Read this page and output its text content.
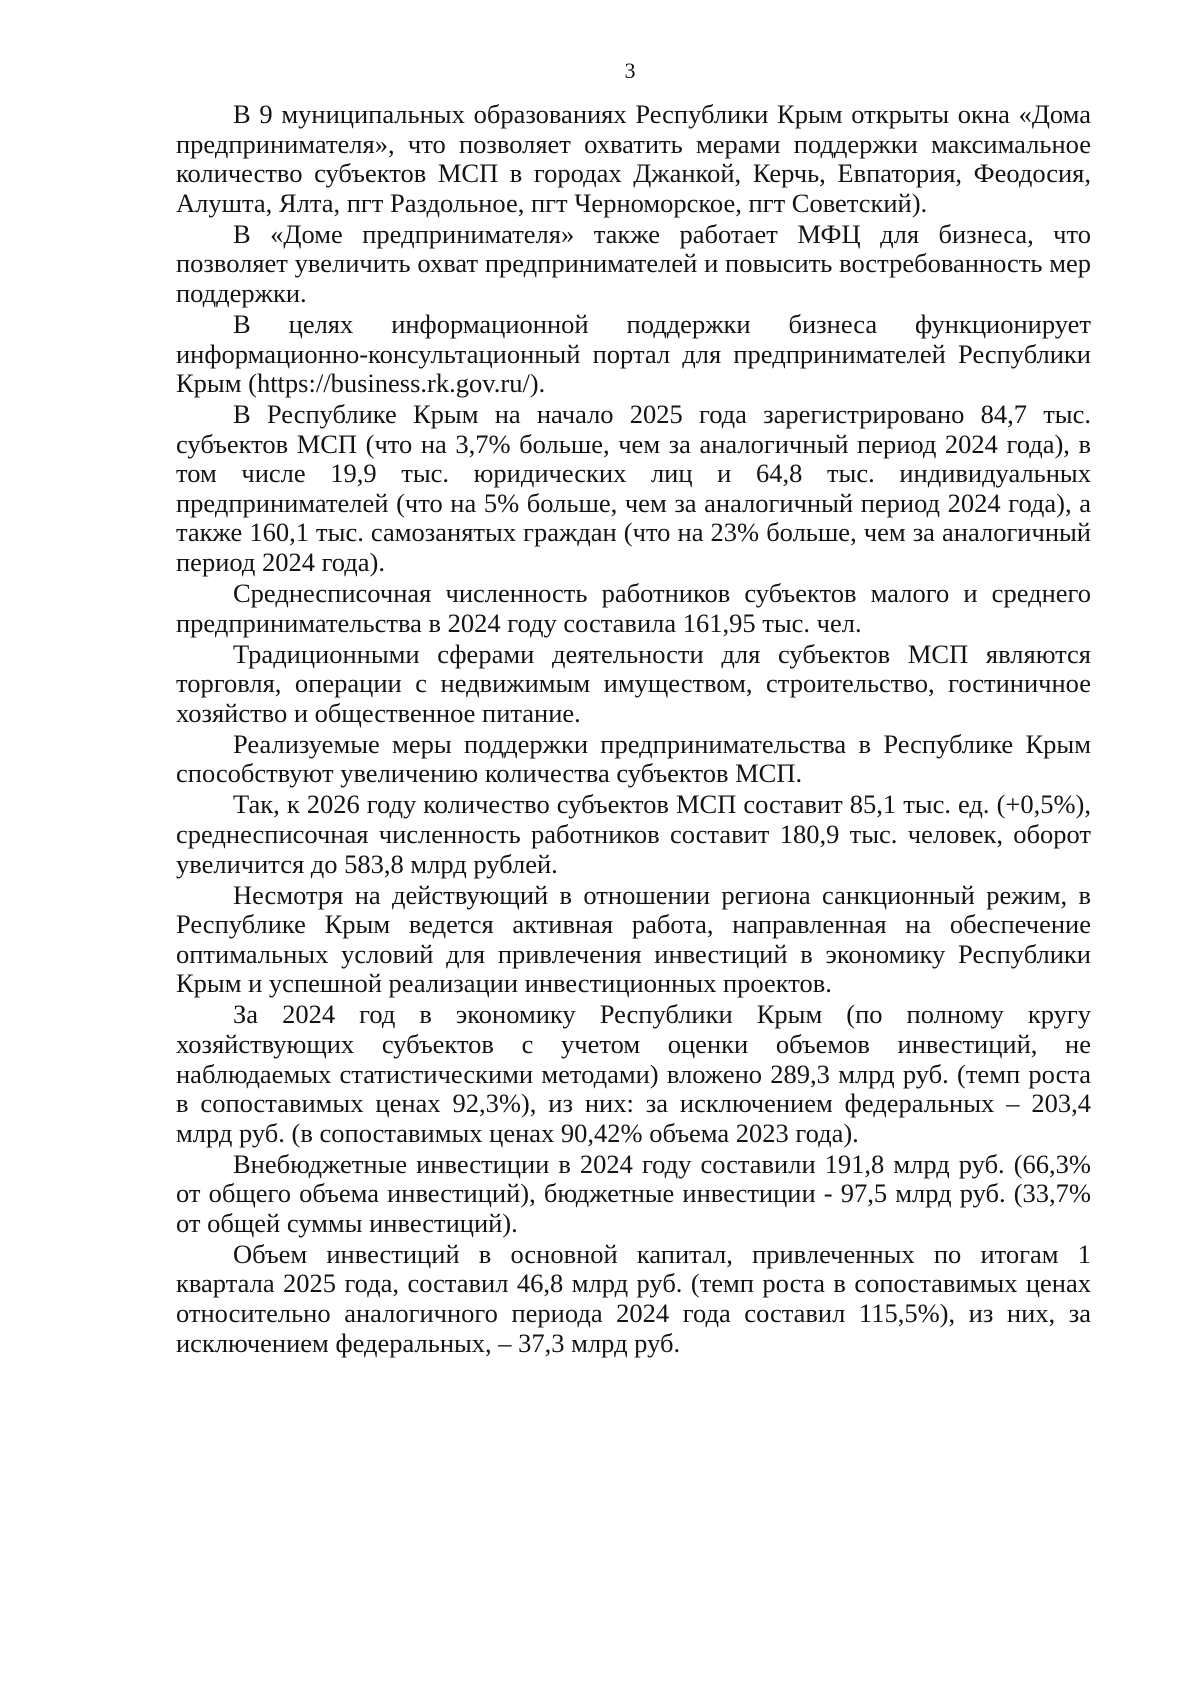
3

В 9 муниципальных образованиях Республики Крым открыты окна «Дома предпринимателя», что позволяет охватить мерами поддержки максимальное количество субъектов МСП в городах Джанкой, Керчь, Евпатория, Феодосия, Алушта, Ялта, пгт Раздольное, пгт Черноморское, пгт Советский).

В «Доме предпринимателя» также работает МФЦ для бизнеса, что позволяет увеличить охват предпринимателей и повысить востребованность мер поддержки.

В целях информационной поддержки бизнеса функционирует информационно-консультационный портал для предпринимателей Республики Крым (https://business.rk.gov.ru/).

В Республике Крым на начало 2025 года зарегистрировано 84,7 тыс. субъектов МСП (что на 3,7% больше, чем за аналогичный период 2024 года), в том числе 19,9 тыс. юридических лиц и 64,8 тыс. индивидуальных предпринимателей (что на 5% больше, чем за аналогичный период 2024 года), а также 160,1 тыс. самозанятых граждан (что на 23% больше, чем за аналогичный период 2024 года).

Среднесписочная численность работников субъектов малого и среднего предпринимательства в 2024 году составила 161,95 тыс. чел.

Традиционными сферами деятельности для субъектов МСП являются торговля, операции с недвижимым имуществом, строительство, гостиничное хозяйство и общественное питание.

Реализуемые меры поддержки предпринимательства в Республике Крым способствуют увеличению количества субъектов МСП.

Так, к 2026 году количество субъектов МСП составит 85,1 тыс. ед. (+0,5%), среднесписочная численность работников составит 180,9 тыс. человек, оборот увеличится до 583,8 млрд рублей.

Несмотря на действующий в отношении региона санкционный режим, в Республике Крым ведется активная работа, направленная на обеспечение оптимальных условий для привлечения инвестиций в экономику Республики Крым и успешной реализации инвестиционных проектов.

За 2024 год в экономику Республики Крым (по полному кругу хозяйствующих субъектов с учетом оценки объемов инвестиций, не наблюдаемых статистическими методами) вложено 289,3 млрд руб. (темп роста в сопоставимых ценах 92,3%), из них: за исключением федеральных – 203,4 млрд руб. (в сопоставимых ценах 90,42% объема 2023 года).

Внебюджетные инвестиции в 2024 году составили 191,8 млрд руб. (66,3% от общего объема инвестиций), бюджетные инвестиции - 97,5 млрд руб. (33,7% от общей суммы инвестиций).

Объем инвестиций в основной капитал, привлеченных по итогам 1 квартала 2025 года, составил 46,8 млрд руб. (темп роста в сопоставимых ценах относительно аналогичного периода 2024 года составил 115,5%), из них, за исключением федеральных, – 37,3 млрд руб.
